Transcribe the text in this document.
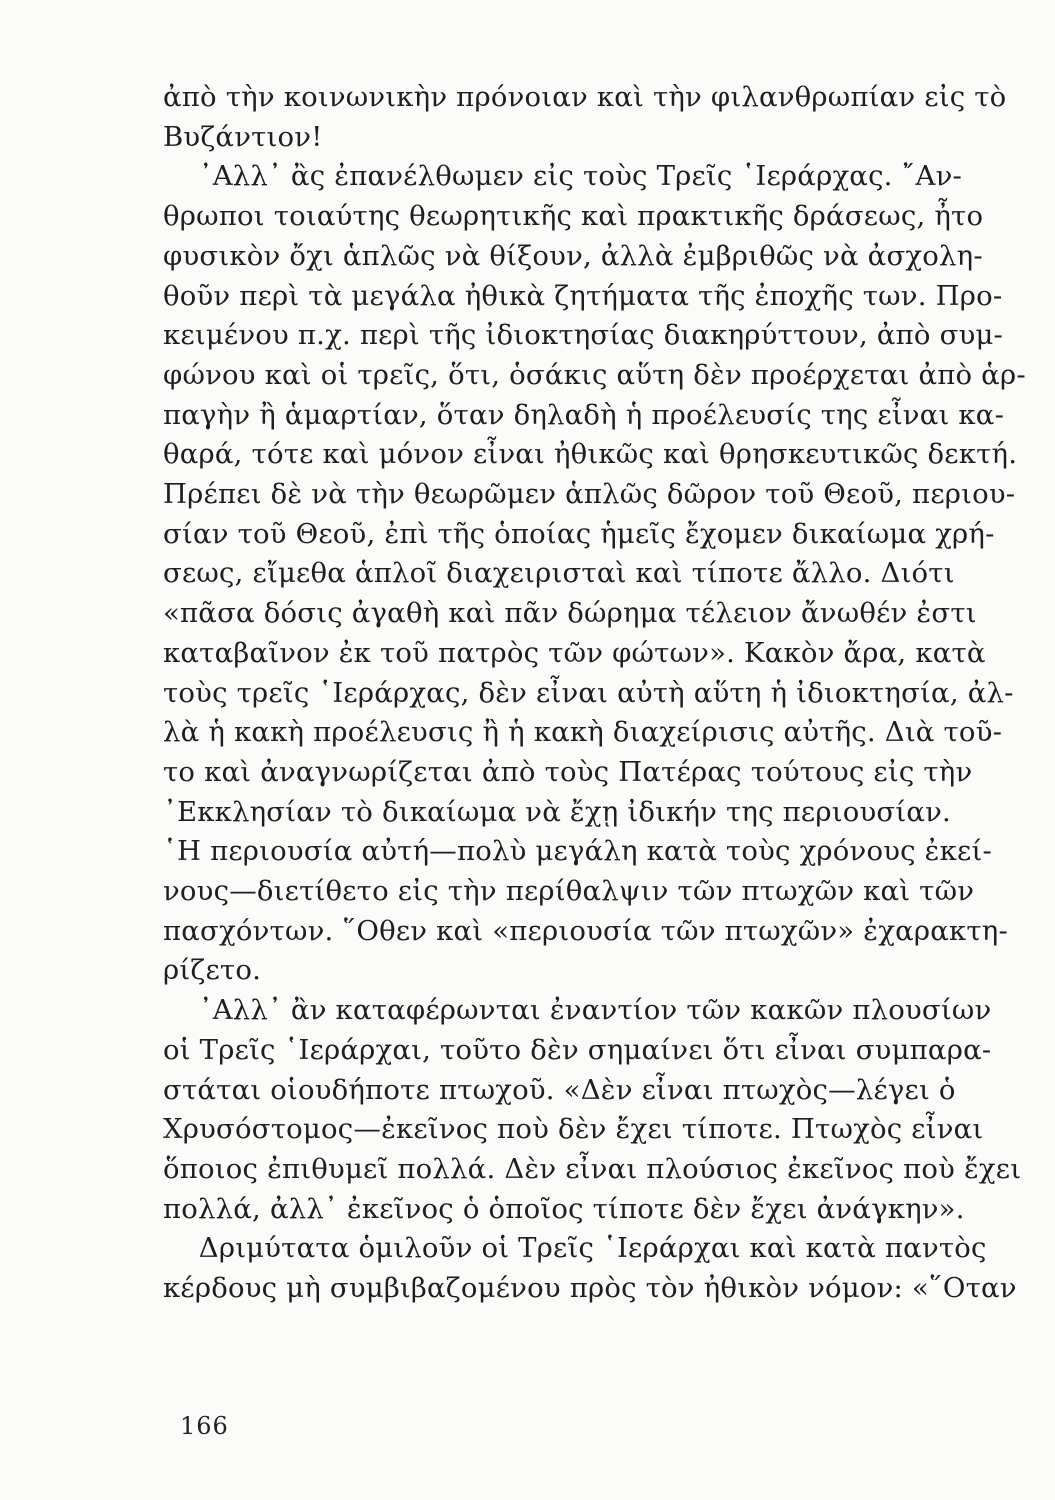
ἀπὸ τὴν κοινωνικὴν πρόνοιαν καὶ τὴν φιλανθρωπίαν εἰς τὸ
Βυζάντιον!
᾿Αλλ᾿ ἂς ἐπανέλθωμεν εἰς τοὺς Τρεῖς ῾Ιεράρχας. ῎Αν-
θρωποι τοιαύτης θεωρητικῆς καὶ πρακτικῆς δράσεως, ἦτο
φυσικὸν ὄχι ἁπλῶς νὰ θίξουν, ἀλλὰ ἐμβριθῶς νὰ ἀσχολη-
θοῦν περὶ τὰ μεγάλα ἠθικὰ ζητήματα τῆς ἐποχῆς των. Προ-
κειμένου π.χ. περὶ τῆς ἰδιοκτησίας διακηρύττουν, ἀπὸ συμ-
φώνου καὶ οἱ τρεῖς, ὅτι, ὁσάκις αὕτη δὲν προέρχεται ἀπὸ ἁρ-
παγὴν ἢ ἁμαρτίαν, ὅταν δηλαδὴ ἡ προέλευσίς της εἶναι κα-
θαρά, τότε καὶ μόνον εἶναι ἠθικῶς καὶ θρησκευτικῶς δεκτή.
Πρέπει δὲ νὰ τὴν θεωρῶμεν ἁπλῶς δῶρον τοῦ Θεοῦ, περιου-
σίαν τοῦ Θεοῦ, ἐπὶ τῆς ὁποίας ἡμεῖς ἔχομεν δικαίωμα χρή-
σεως, εἴμεθα ἁπλοῖ διαχειρισταὶ καὶ τίποτε ἄλλο. Διότι
«πᾶσα δόσις ἀγαθὴ καὶ πᾶν δώρημα τέλειον ἄνωθέν ἐστι
καταβαῖνον ἐκ τοῦ πατρὸς τῶν φώτων». Κακὸν ἄρα, κατὰ
τοὺς τρεῖς ῾Ιεράρχας, δὲν εἶναι αὐτὴ αὕτη ἡ ἰδιοκτησία, ἀλ-
λὰ ἡ κακὴ προέλευσις ἢ ἡ κακὴ διαχείρισις αὐτῆς. Διὰ τοῦ-
το καὶ ἀναγνωρίζεται ἀπὸ τοὺς Πατέρας τούτους εἰς τὴν
᾿Εκκλησίαν τὸ δικαίωμα νὰ ἔχῃ ἰδικήν της περιουσίαν.
῾Η περιουσία αὐτή—πολὺ μεγάλη κατὰ τοὺς χρόνους ἐκεί-
νους—διετίθετο εἰς τὴν περίθαλψιν τῶν πτωχῶν καὶ τῶν
πασχόντων. ῞Οθεν καὶ «περιουσία τῶν πτωχῶν» ἐχαρακτη-
ρίζετο.
᾿Αλλ᾿ ἂν καταφέρωνται ἐναντίον τῶν κακῶν πλουσίων
οἱ Τρεῖς ῾Ιεράρχαι, τοῦτο δὲν σημαίνει ὅτι εἶναι συμπαρα-
στάται οἱουδήποτε πτωχοῦ. «Δὲν εἶναι πτωχὸς—λέγει ὁ
Χρυσόστομος—ἐκεῖνος ποὺ δὲν ἔχει τίποτε. Πτωχὸς εἶναι
ὅποιος ἐπιθυμεῖ πολλά. Δὲν εἶναι πλούσιος ἐκεῖνος ποὺ ἔχει
πολλά, ἀλλ᾿ ἐκεῖνος ὁ ὁποῖος τίποτε δὲν ἔχει ἀνάγκην».
Δριμύτατα ὁμιλοῦν οἱ Τρεῖς ῾Ιεράρχαι καὶ κατὰ παντὸς
κέρδους μὴ συμβιβαζομένου πρὸς τὸν ἠθικὸν νόμον: «῞Οταν
166
